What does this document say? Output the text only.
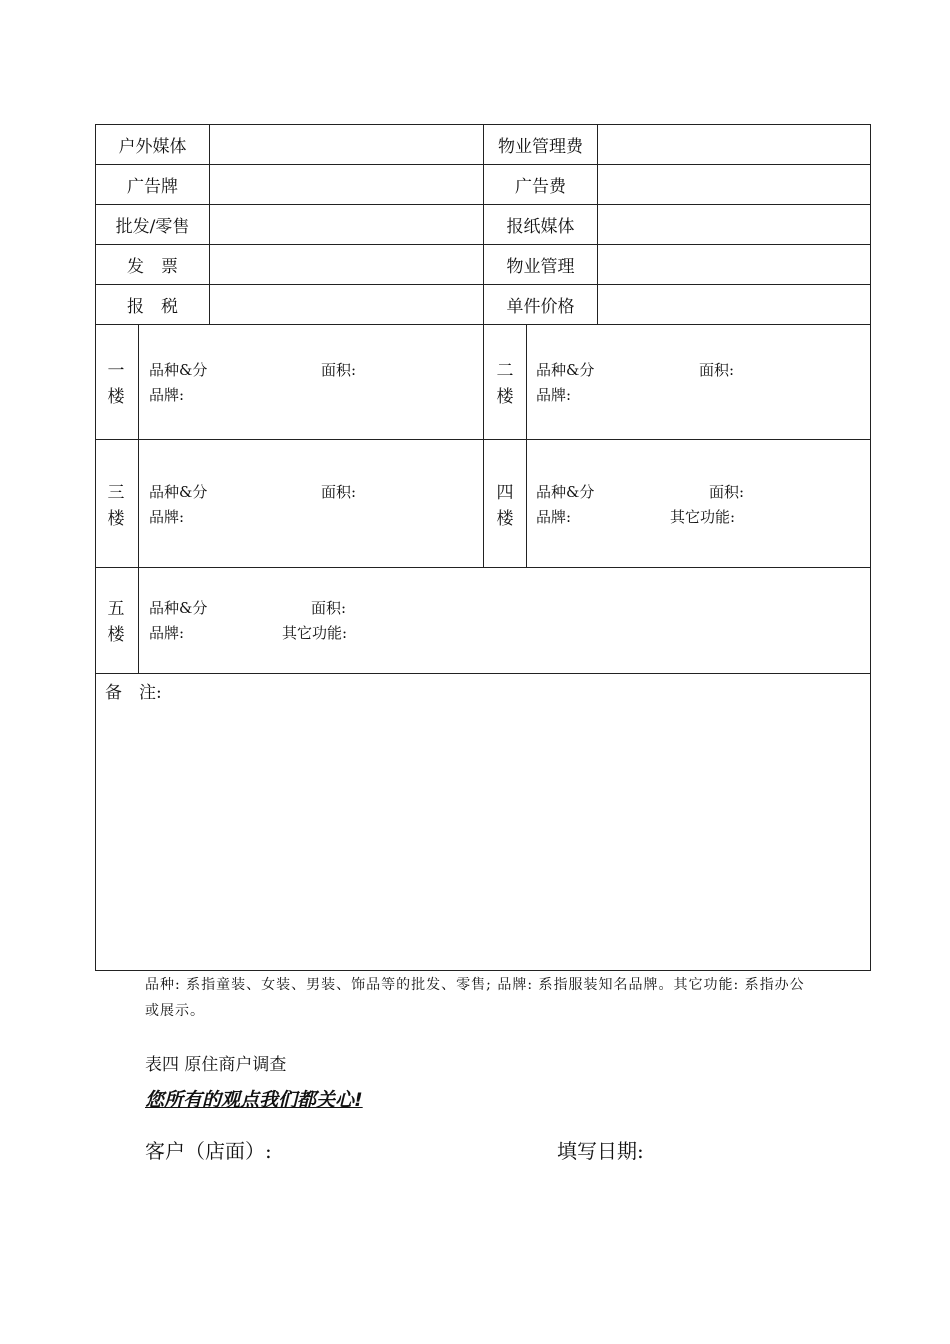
户外媒体	物业管理费
广告牌	广告费
批发/零售	报纸媒体
发　票	物业管理
报　税	单件价格
一楼
品种&分	面积:
品牌:
二楼
品种&分	面积:
品牌:
三楼
品种&分	面积:
品牌:
四楼
品种&分	面积:
品牌:	其它功能:
五楼
品种&分	面积:
品牌:	其它功能:
备　注:
品种: 系指童装、女装、男装、饰品等的批发、零售; 品牌: 系指服装知名品牌。其它功能: 系指办公或展示。
表四 原住商户调查
您所有的观点我们都关心!
客户（店面）:	填写日期:
